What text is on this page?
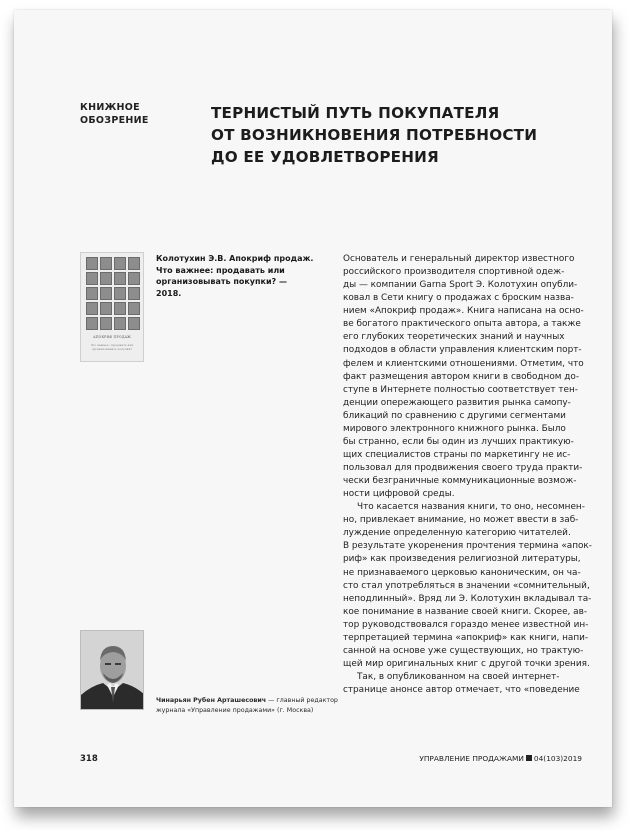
КНИЖНОЕ
ОБОЗРЕНИЕ	ТЕРНИСТЫЙ ПУТЬ ПОКУПАТЕЛЯ
ОТ ВОЗНИКНОВЕНИЯ ПОТРЕБНОСТИ
ДО ЕЕ УДОВЛЕТВОРЕНИЯ
АПОКРИФ ПРОДАЖ
Что важнее: продавать или организовывать покупки?
Колотухин Э.В. Апокриф продаж.
Что важнее: продавать или
организовывать покупки? —
2018.
Чинарьян Рубен Арташесович — главный редактор
журнала «Управление продажами» (г. Москва)
Основатель и генеральный директор известного
российского производителя спортивной одеж-
ды — компании Garna Sport Э. Колотухин опубли-
ковал в Сети книгу о продажах с броским назва-
нием «Апокриф продаж». Книга написана на осно-
ве богатого практического опыта автора, а также
его глубоких теоретических знаний и научных
подходов в области управления клиентским порт-
фелем и клиентскими отношениями. Отметим, что
факт размещения автором книги в свободном до-
ступе в Интернете полностью соответствует тен-
денции опережающего развития рынка самопу-
бликаций по сравнению с другими сегментами
мирового электронного книжного рынка. Было
бы странно, если бы один из лучших практикую-
щих специалистов страны по маркетингу не ис-
пользовал для продвижения своего труда практи-
чески безграничные коммуникационные возмож-
ности цифровой среды.
Что касается названия книги, то оно, несомнен-
но, привлекает внимание, но может ввести в заб-
луждение определенную категорию читателей.
В результате укоренения прочтения термина «апок-
риф» как произведения религиозной литературы,
не признаваемого церковью каноническим, он ча-
сто стал употребляться в значении «сомнительный,
неподлинный». Вряд ли Э. Колотухин вкладывал та-
кое понимание в название своей книги. Скорее, ав-
тор руководствовался гораздо менее известной ин-
терпретацией термина «апокриф» как книги, напи-
санной на основе уже существующих, но трактую-
щей мир оригинальных книг с другой точки зрения.
Так, в опубликованном на своей интернет-
странице анонсе автор отмечает, что «поведение
318	УПРАВЛЕНИЕ ПРОДАЖАМИ 04(103)2019
